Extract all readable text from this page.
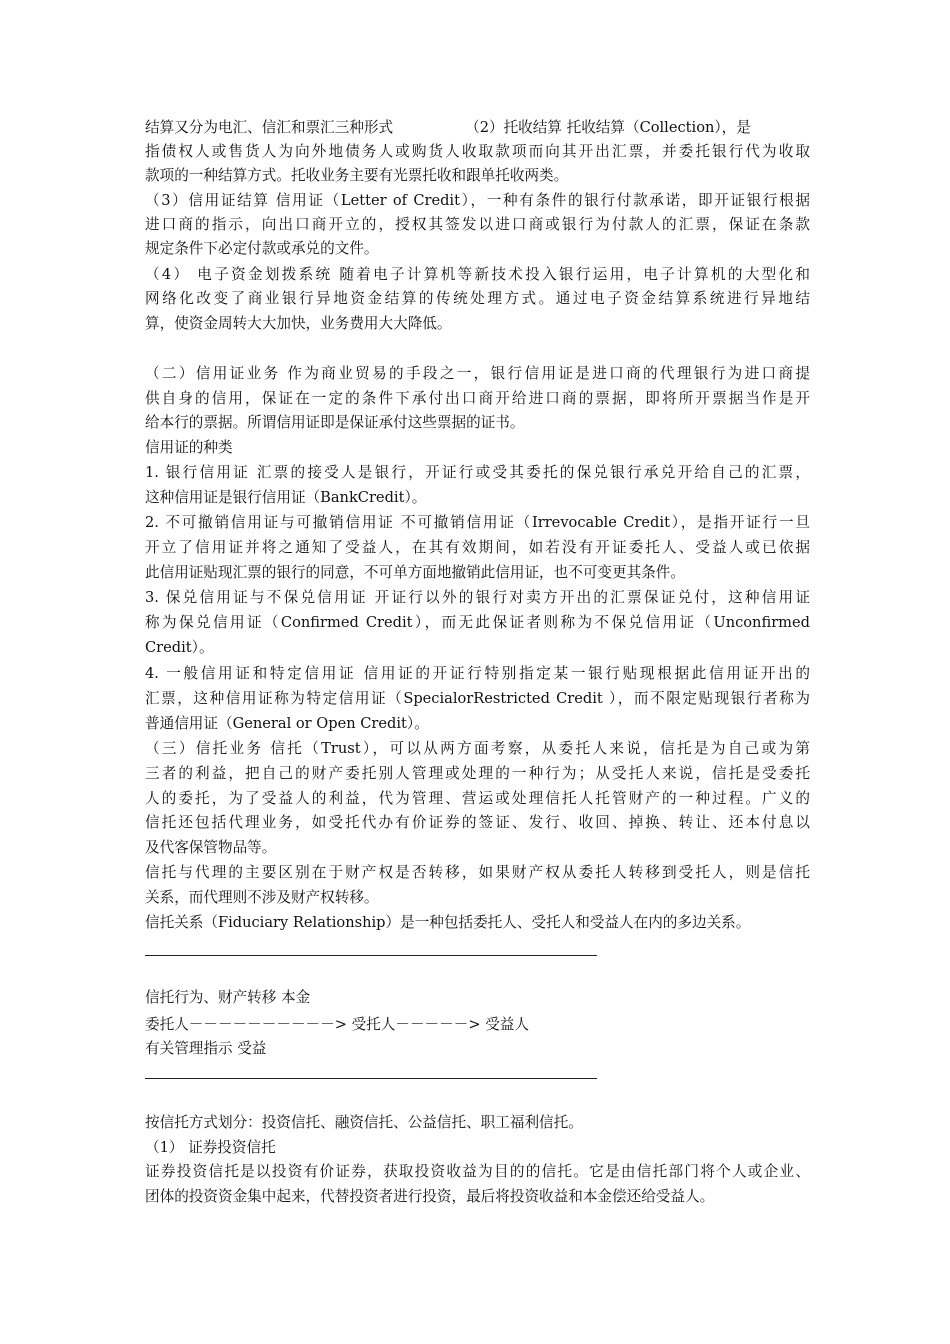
结算又分为电汇、信汇和票汇三种形式	（2）托收结算 托收结算（Collection），是
指债权人或售货人为向外地债务人或购货人收取款项而向其开出汇票，并委托银行代为收取
款项的一种结算方式。托收业务主要有光票托收和跟单托收两类。
（3）信用证结算 信用证（Letter of Credit），一种有条件的银行付款承诺，即开证银行根据
进口商的指示，向出口商开立的，授权其签发以进口商或银行为付款人的汇票，保证在条款
规定条件下必定付款或承兑的文件。
（4） 电子资金划拨系统 随着电子计算机等新技术投入银行运用，电子计算机的大型化和
网络化改变了商业银行异地资金结算的传统处理方式。通过电子资金结算系统进行异地结
算，使资金周转大大加快，业务费用大大降低。
（二）信用证业务 作为商业贸易的手段之一，银行信用证是进口商的代理银行为进口商提
供自身的信用，保证在一定的条件下承付出口商开给进口商的票据，即将所开票据当作是开
给本行的票据。所谓信用证即是保证承付这些票据的证书。
信用证的种类
1. 银行信用证 汇票的接受人是银行，开证行或受其委托的保兑银行承兑开给自己的汇票，
这种信用证是银行信用证（BankCredit）。
2. 不可撤销信用证与可撤销信用证 不可撤销信用证（Irrevocable Credit），是指开证行一旦
开立了信用证并将之通知了受益人，在其有效期间，如若没有开证委托人、受益人或已依据
此信用证贴现汇票的银行的同意，不可单方面地撤销此信用证，也不可变更其条件。
3. 保兑信用证与不保兑信用证 开证行以外的银行对卖方开出的汇票保证兑付，这种信用证
称为保兑信用证（Confirmed Credit），而无此保证者则称为不保兑信用证（Unconfirmed
Credit）。
4. 一般信用证和特定信用证 信用证的开证行特别指定某一银行贴现根据此信用证开出的
汇票，这种信用证称为特定信用证（SpecialorRestricted Credit ），而不限定贴现银行者称为
普通信用证（General or Open Credit）。
（三）信托业务 信托（Trust），可以从两方面考察，从委托人来说，信托是为自己或为第
三者的利益，把自己的财产委托别人管理或处理的一种行为；从受托人来说，信托是受委托
人的委托，为了受益人的利益，代为管理、营运或处理信托人托管财产的一种过程。广义的
信托还包括代理业务，如受托代办有价证券的签证、发行、收回、掉换、转让、还本付息以
及代客保管物品等。
信托与代理的主要区别在于财产权是否转移，如果财产权从委托人转移到受托人，则是信托
关系，而代理则不涉及财产权转移。
信托关系（Fiduciary Relationship）是一种包括委托人、受托人和受益人在内的多边关系。
信托行为、财产转移 本金
委托人－－－－－－－－－－> 受托人－－－－－> 受益人
有关管理指示 受益
按信托方式划分：投资信托、融资信托、公益信托、职工福利信托。
（1） 证券投资信托
证券投资信托是以投资有价证券，获取投资收益为目的的信托。它是由信托部门将个人或企业、
团体的投资资金集中起来，代替投资者进行投资，最后将投资收益和本金偿还给受益人。
